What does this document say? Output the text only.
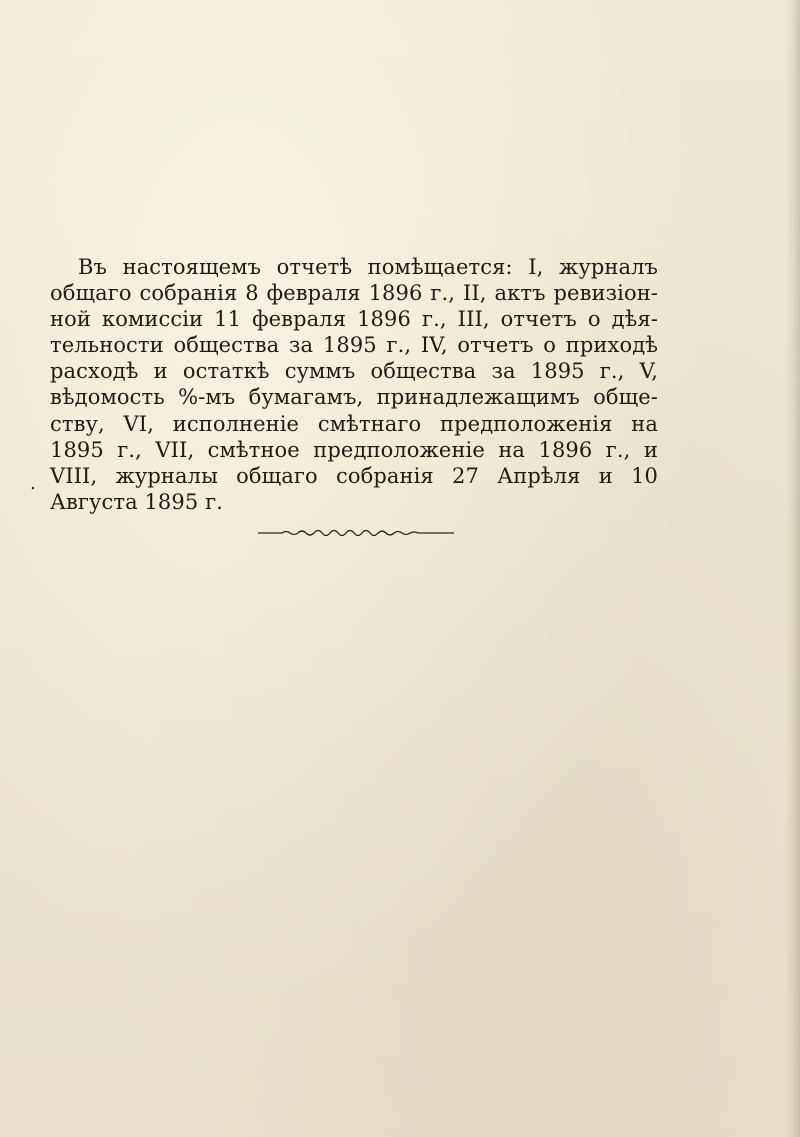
Въ настоящемъ отчетѣ помѣщается: I, журналъ
общаго собранія 8 февраля 1896 г., II, актъ ревизіон-
ной комиссіи 11 февраля 1896 г., III, отчетъ о дѣя-
тельности общества за 1895 г., IV, отчетъ о приходѣ
расходѣ и остаткѣ суммъ общества за 1895 г., V,
вѣдомость %-мъ бумагамъ, принадлежащимъ обще-
ству, VI, исполненіе смѣтнаго предположенія на
1895 г., VII, смѣтное предположеніе на 1896 г., и
VIII, журналы общаго собранія 27 Апрѣля и 10
Августа 1895 г.
.
